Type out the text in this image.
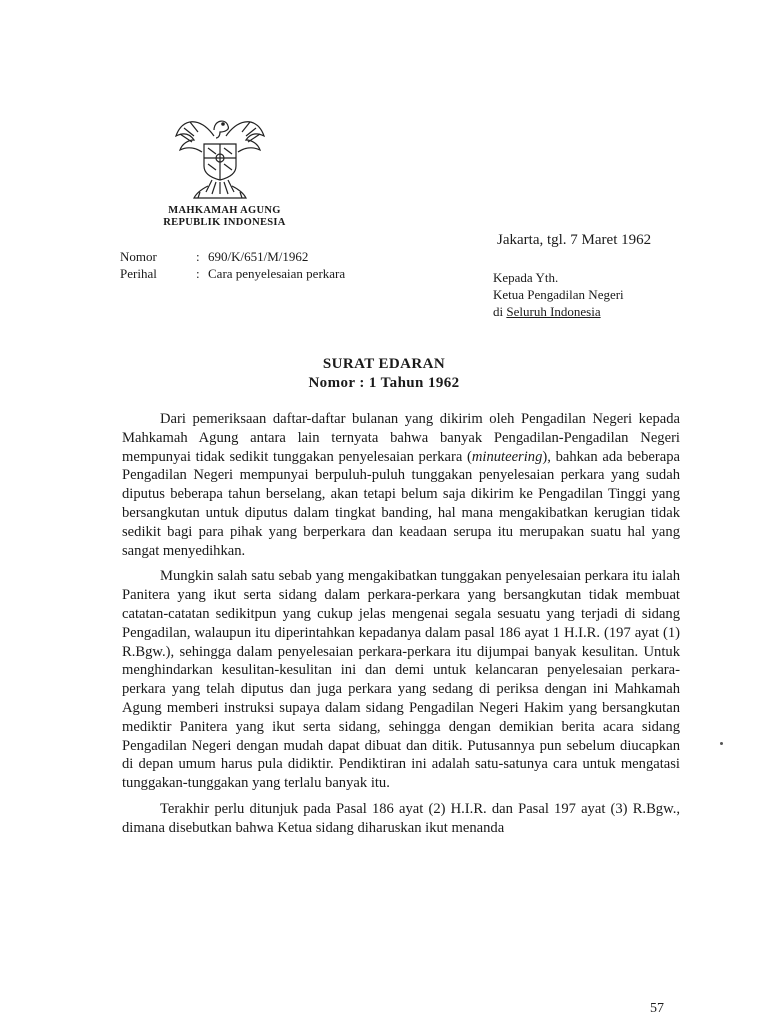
MAHKAMAH AGUNG
REPUBLIK INDONESIA
Jakarta, tgl. 7 Maret 1962
Nomor	: 690/K/651/M/1962
Perihal	: Cara penyelesaian perkara	Kepada Yth.
Ketua Pengadilan Negeri
di Seluruh Indonesia
SURAT EDARAN
Nomor : 1 Tahun 1962

Dari pemeriksaan daftar-daftar bulanan yang dikirim oleh Pengadilan Negeri kepada Mahkamah Agung antara lain ternyata bahwa banyak Pengadilan-Pengadilan Negeri mempunyai tidak sedikit tunggakan penyelesaian perkara (minuteering), bahkan ada beberapa Pengadilan Negeri mempunyai berpuluh-puluh tunggakan penyelesaian perkara yang sudah diputus beberapa tahun berselang, akan tetapi belum saja dikirim ke Pengadilan Tinggi yang bersangkutan untuk diputus dalam tingkat banding, hal mana mengakibatkan kerugian tidak sedikit bagi para pihak yang berperkara dan keadaan serupa itu merupakan suatu hal yang sangat menyedihkan.

Mungkin salah satu sebab yang mengakibatkan tunggakan penyelesaian perkara itu ialah Panitera yang ikut serta sidang dalam perkara-perkara yang bersangkutan tidak membuat catatan-catatan sedikitpun yang cukup jelas mengenai segala sesuatu yang terjadi di sidang Pengadilan, walaupun itu diperintahkan kepadanya dalam pasal 186 ayat 1 H.I.R. (197 ayat (1) R.Bgw.), sehingga dalam penyelesaian perkara-perkara itu dijumpai banyak kesulitan. Untuk menghindarkan kesulitan-kesulitan ini dan demi untuk kelancaran penyelesaian perkara-perkara yang telah diputus dan juga perkara yang sedang di periksa dengan ini Mahkamah Agung memberi instruksi supaya dalam sidang Pengadilan Negeri Hakim yang bersangkutan mediktir Panitera yang ikut serta sidang, sehingga dengan demikian berita acara sidang Pengadilan Negeri dengan mudah dapat dibuat dan ditik. Putusannya pun sebelum diucapkan di depan umum harus pula didiktir. Pendiktiran ini adalah satu-satunya cara untuk mengatasi tunggakan-tunggakan yang terlalu banyak itu.

Terakhir perlu ditunjuk pada Pasal 186 ayat (2) H.I.R. dan Pasal 197 ayat (3) R.Bgw., dimana disebutkan bahwa Ketua sidang diharuskan ikut menanda

57
